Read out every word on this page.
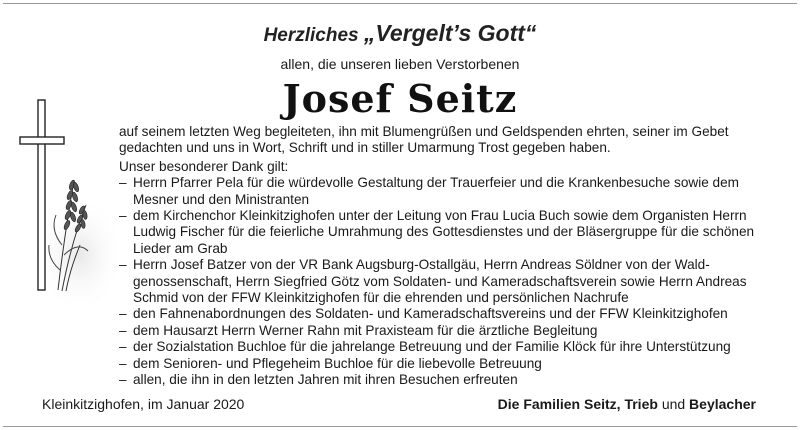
Herzliches „Vergelt’s Gott“
allen, die unseren lieben Verstorbenen
Josef Seitz

auf seinem letzten Weg begleiteten, ihn mit Blumengrüßen und Geldspenden ehrten, seiner im Gebet gedachten und uns in Wort, Schrift und in stiller Umarmung Trost gegeben haben.

Unser besonderer Dank gilt:

– Herrn Pfarrer Pela für die würdevolle Gestaltung der Trauerfeier und die Krankenbesuche sowie dem Mesner und den Ministranten
– dem Kirchenchor Kleinkitzighofen unter der Leitung von Frau Lucia Buch sowie dem Organisten Herrn Ludwig Fischer für die feierliche Umrahmung des Gottesdienstes und der Bläsergruppe für die schönen Lieder am Grab
– Herrn Josef Batzer von der VR Bank Augsburg-Ostallgäu, Herrn Andreas Söldner von der Wald-genossenschaft, Herrn Siegfried Götz vom Soldaten- und Kameradschaftsverein sowie Herrn Andreas Schmid von der FFW Kleinkitzighofen für die ehrenden und persönlichen Nachrufe
– den Fahnenabordnungen des Soldaten- und Kameradschaftsvereins und der FFW Kleinkitzighofen
– dem Hausarzt Herrn Werner Rahn mit Praxisteam für die ärztliche Begleitung
– der Sozialstation Buchloe für die jahrelange Betreuung und der Familie Klöck für ihre Unterstützung
– dem Senioren- und Pflegeheim Buchloe für die liebevolle Betreuung
– allen, die ihn in den letzten Jahren mit ihren Besuchen erfreuten
Kleinkitzighofen, im Januar 2020	Die Familien Seitz, Trieb und Beylacher
